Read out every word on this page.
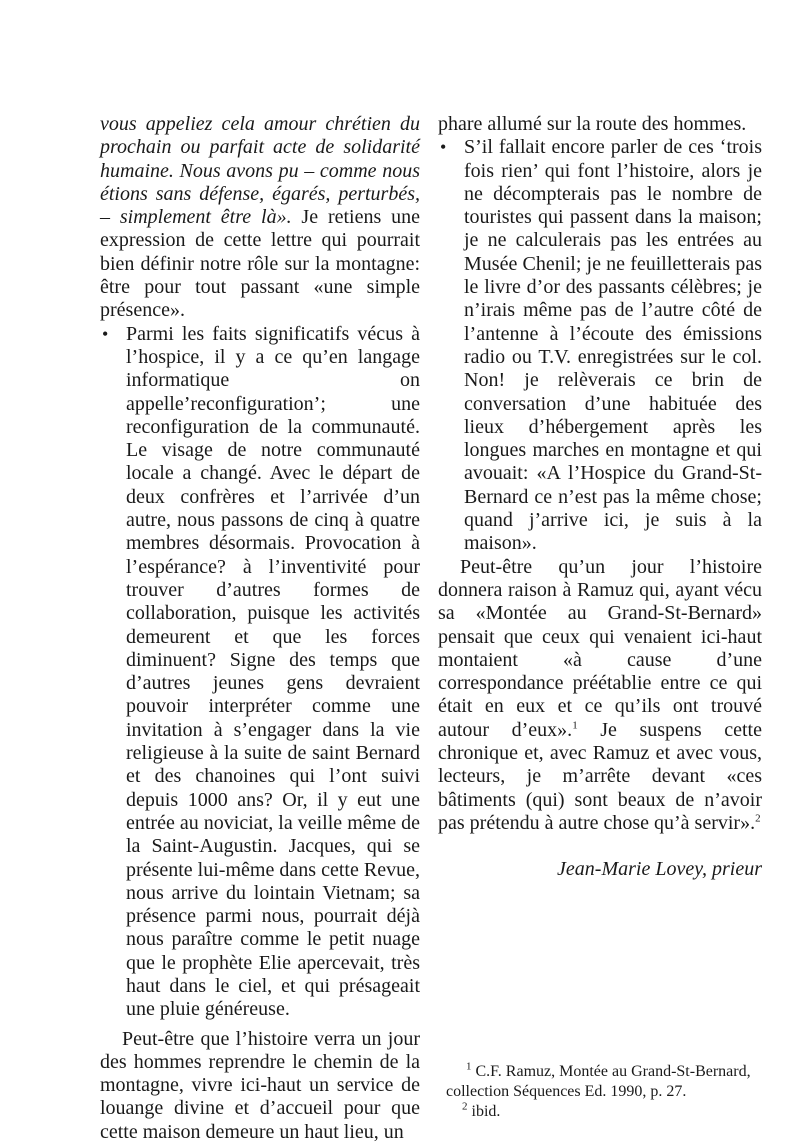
vous appeliez cela amour chrétien du prochain ou parfait acte de solidarité humaine. Nous avons pu – comme nous étions sans défense, égarés, perturbés, – simplement être là». Je retiens une expression de cette lettre qui pourrait bien définir notre rôle sur la montagne: être pour tout passant «une simple présence».

• Parmi les faits significatifs vécus à l’hospice, il y a ce qu’en langage informatique on appelle’reconfiguration’; une reconfiguration de la communauté. Le visage de notre communauté locale a changé. Avec le départ de deux confrères et l’arrivée d’un autre, nous passons de cinq à quatre membres désormais. Provocation à l’espérance? à l’inventivité pour trouver d’autres formes de collaboration, puisque les activités demeurent et que les forces diminuent? Signe des temps que d’autres jeunes gens devraient pouvoir interpréter comme une invitation à s’engager dans la vie religieuse à la suite de saint Bernard et des chanoines qui l’ont suivi depuis 1000 ans? Or, il y eut une entrée au noviciat, la veille même de la Saint-Augustin. Jacques, qui se présente lui-même dans cette Revue, nous arrive du lointain Vietnam; sa présence parmi nous, pourrait déjà nous paraître comme le petit nuage que le prophète Elie apercevait, très haut dans le ciel, et qui présageait une pluie généreuse.

Peut-être que l’histoire verra un jour des hommes reprendre le chemin de la montagne, vivre ici-haut un service de louange divine et d’accueil pour que cette maison demeure un haut lieu, un

phare allumé sur la route des hommes.

• S’il fallait encore parler de ces ‘trois fois rien’ qui font l’histoire, alors je ne décompterais pas le nombre de touristes qui passent dans la maison; je ne calculerais pas les entrées au Musée Chenil; je ne feuilletterais pas le livre d’or des passants célèbres; je n’irais même pas de l’autre côté de l’antenne à l’écoute des émissions radio ou T.V. enregistrées sur le col. Non! je relèverais ce brin de conversation d’une habituée des lieux d’hébergement après les longues marches en montagne et qui avouait: «A l’Hospice du Grand-St-Bernard ce n’est pas la même chose; quand j’arrive ici, je suis à la maison».

Peut-être qu’un jour l’histoire donnera raison à Ramuz qui, ayant vécu sa «Montée au Grand-St-Bernard» pensait que ceux qui venaient ici-haut montaient «à cause d’une correspondance préétablie entre ce qui était en eux et ce qu’ils ont trouvé autour d’eux».$^1$ Je suspens cette chronique et, avec Ramuz et avec vous, lecteurs, je m’arrête devant «ces bâtiments (qui) sont beaux de n’avoir pas prétendu à autre chose qu’à servir».$^2$

Jean-Marie Lovey, prieur

$^1$ C.F. Ramuz, Montée au Grand-St-Bernard, collection Séquences Ed. 1990, p. 27.

$^2$ ibid.
